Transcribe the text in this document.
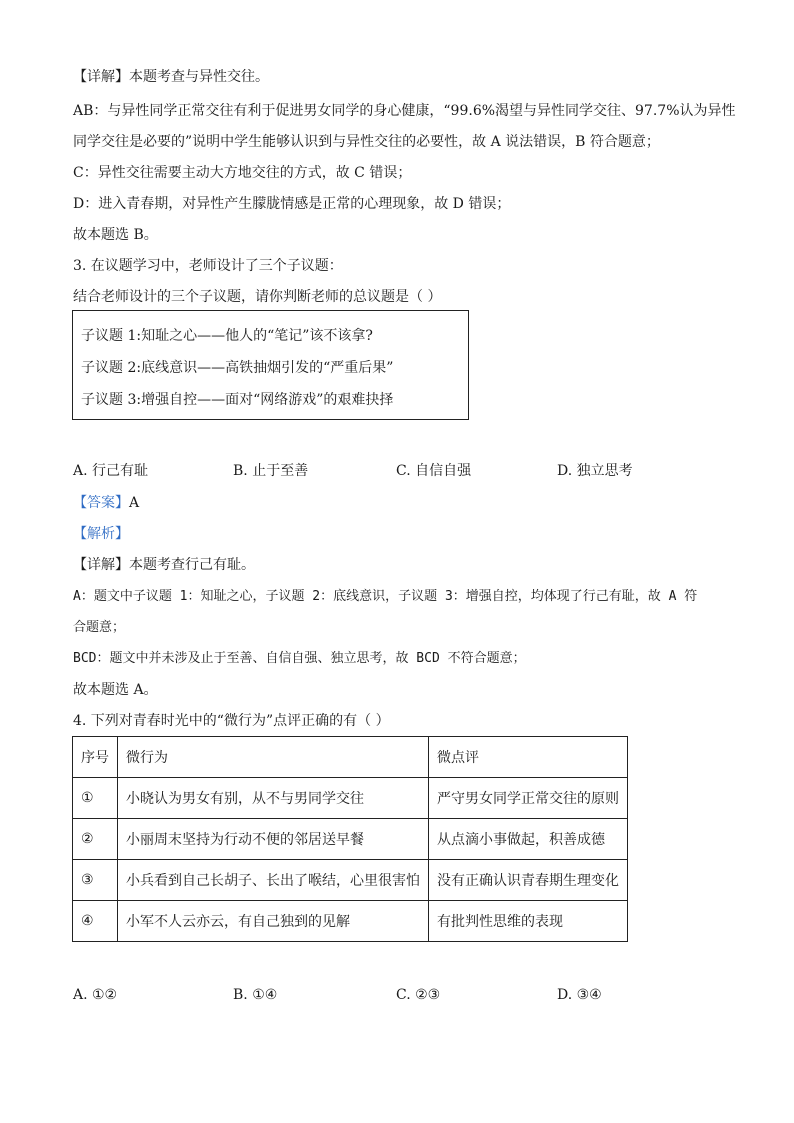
【详解】本题考查与异性交往。
AB：与异性同学正常交往有利于促进男女同学的身心健康，“99.6%渴望与异性同学交往、97.7%认为异性
同学交往是必要的”说明中学生能够认识到与异性交往的必要性，故 A 说法错误，B 符合题意；
C：异性交往需要主动大方地交往的方式，故 C 错误；
D：进入青春期，对异性产生朦胧情感是正常的心理现象，故 D 错误；
故本题选 B。
3. 在议题学习中，老师设计了三个子议题：
结合老师设计的三个子议题，请你判断老师的总议题是（ ）
子议题 1:知耻之心——他人的“笔记”该不该拿?
子议题 2:底线意识——高铁抽烟引发的“严重后果”
子议题 3:增强自控——面对“网络游戏”的艰难抉择
A. 行己有耻	B. 止于至善	C. 自信自强	D. 独立思考
【答案】A
【解析】
【详解】本题考查行己有耻。
A：题文中子议题 1：知耻之心，子议题 2：底线意识，子议题 3：增强自控，均体现了行己有耻，故 A 符
合题意；
BCD：题文中并未涉及止于至善、自信自强、独立思考，故 BCD 不符合题意；
故本题选 A。
4. 下列对青春时光中的“微行为”点评正确的有（ ）
序号	微行为	微点评
①	小晓认为男女有别，从不与男同学交往	严守男女同学正常交往的原则
②	小丽周末坚持为行动不便的邻居送早餐	从点滴小事做起，积善成德
③	小兵看到自己长胡子、长出了喉结，心里很害怕	没有正确认识青春期生理变化
④	小军不人云亦云，有自己独到的见解	有批判性思维的表现
A. ①②	B. ①④	C. ②③	D. ③④
